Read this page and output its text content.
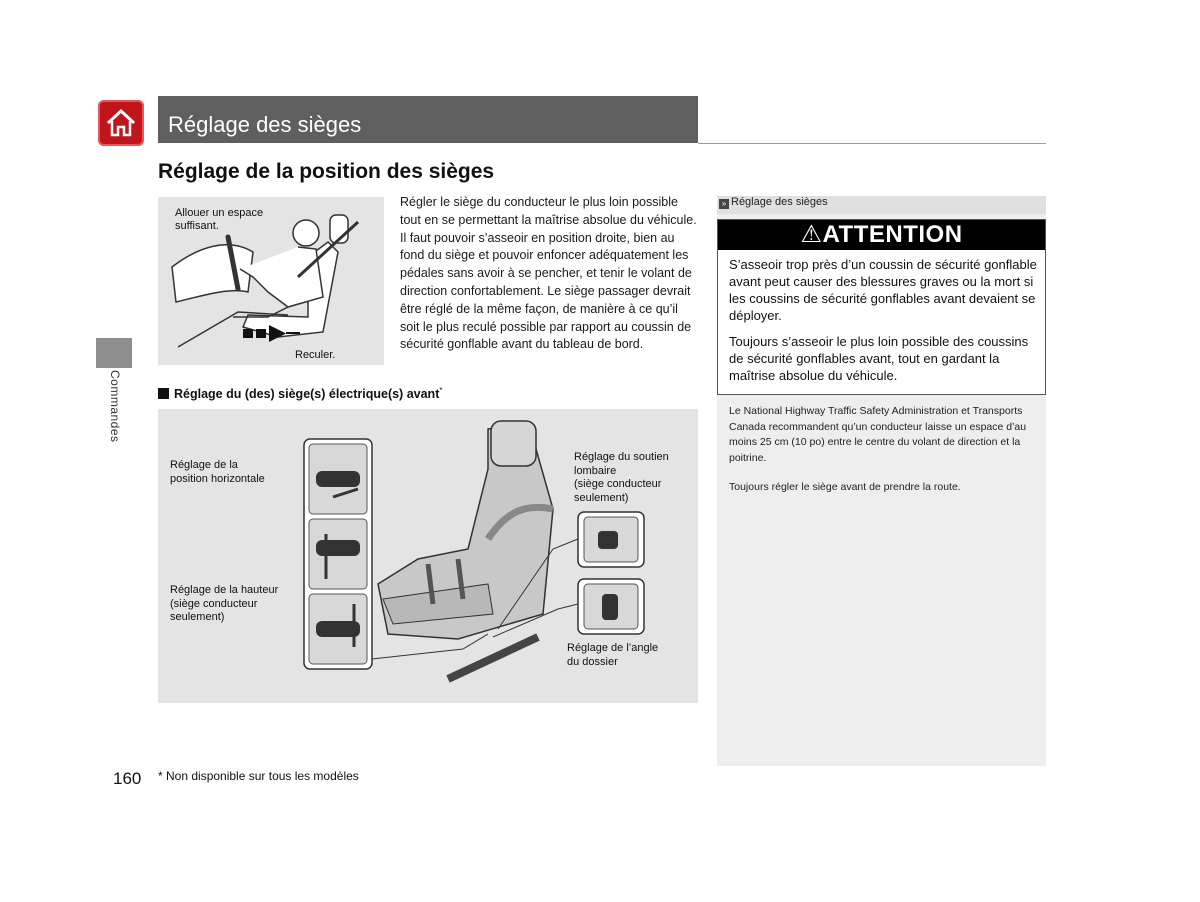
Réglage des sièges
Commandes
Réglage de la position des sièges
Allouer un espace
suffisant.
Reculer.
Régler le siège du conducteur le plus loin possible tout en se permettant la maîtrise absolue du véhicule. Il faut pouvoir s’asseoir en position droite, bien au fond du siège et pouvoir enfoncer adéquatement les pédales sans avoir à se pencher, et tenir le volant de direction confortablement. Le siège passager devrait être réglé de la même façon, de manière à ce qu’il soit le plus reculé possible par rapport au coussin de sécurité gonflable avant du tableau de bord.
Réglage du (des) siège(s) électrique(s) avant*
Réglage de la
position horizontale
Réglage de la hauteur
(siège conducteur
seulement)
Réglage du soutien
lombaire
(siège conducteur
seulement)
Réglage de l’angle
du dossier
160 * Non disponible sur tous les modèles
» Réglage des sièges
⚠ATTENTION
S’asseoir trop près d’un coussin de sécurité gonflable avant peut causer des blessures graves ou la mort si les coussins de sécurité gonflables avant devaient se déployer.
Toujours s’asseoir le plus loin possible des coussins de sécurité gonflables avant, tout en gardant la maîtrise absolue du véhicule.
Le National Highway Traffic Safety Administration et Transports Canada recommandent qu’un conducteur laisse un espace d’au moins 25 cm (10 po) entre le centre du volant de direction et la poitrine.
Toujours régler le siège avant de prendre la route.
